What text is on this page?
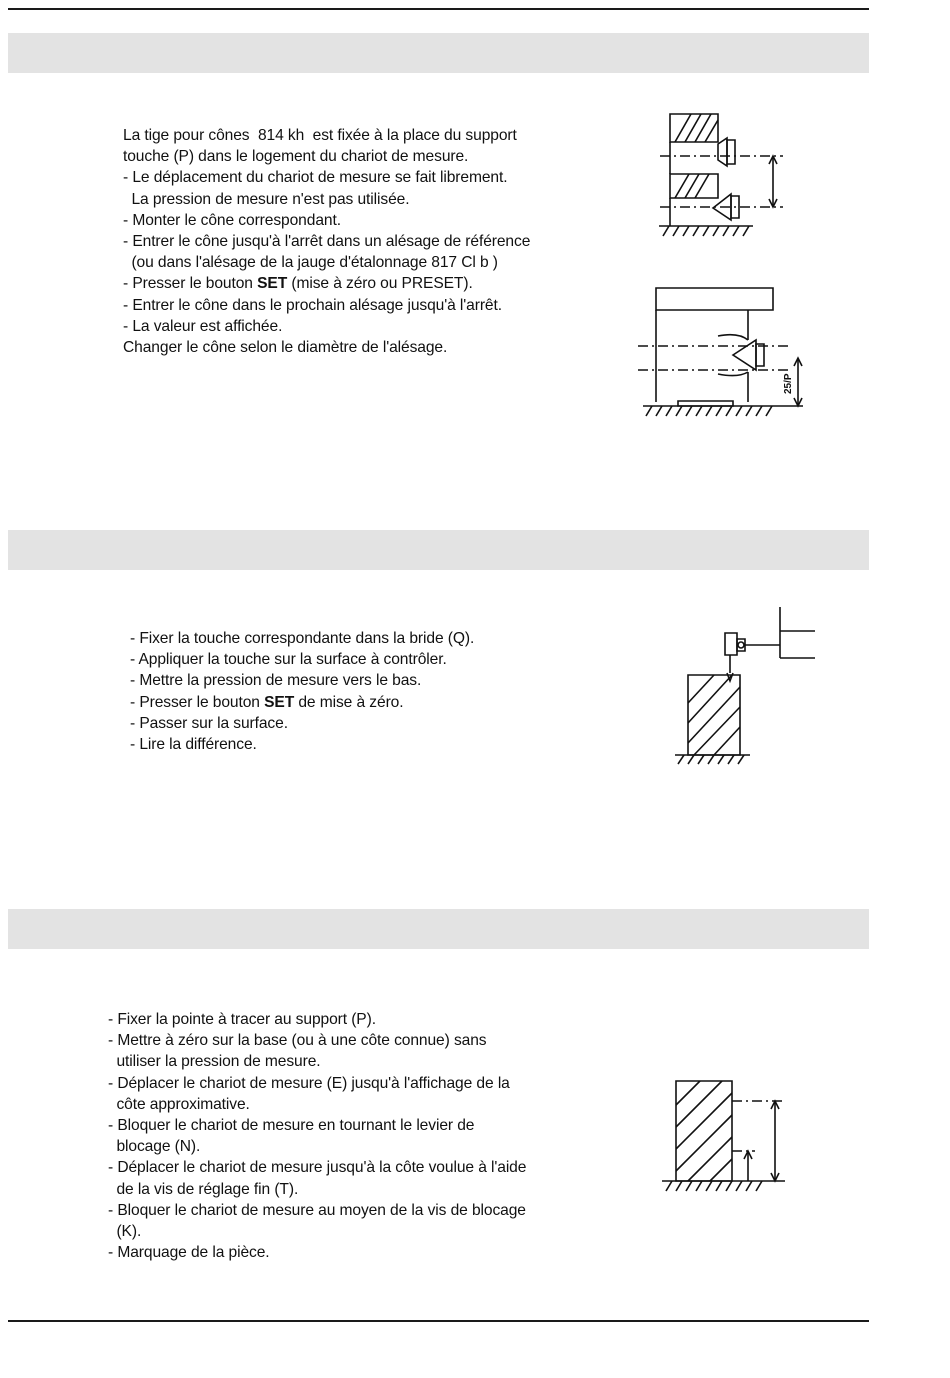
La tige pour cônes  814 kh  est fixée à la place du support
touche (P) dans le logement du chariot de mesure.
- Le déplacement du chariot de mesure se fait librement.
La pression de mesure n'est pas utilisée.
- Monter le cône correspondant.
- Entrer le cône jusqu'à l'arrêt dans un alésage de référence
(ou dans l'alésage de la jauge d'étalonnage 817 Cl b )
- Presser le bouton SET (mise à zéro ou PRESET).
- Entrer le cône dans le prochain alésage jusqu'à l'arrêt.
- La valeur est affichée.
Changer le cône selon le diamètre de l'alésage.
- Fixer la touche correspondante dans la bride (Q).
- Appliquer la touche sur la surface à contrôler.
- Mettre la pression de mesure vers le bas.
- Presser le bouton SET de mise à zéro.
- Passer sur la surface.
- Lire la différence.
- Fixer la pointe à tracer au support (P).
- Mettre à zéro sur la base (ou à une côte connue) sans
utiliser la pression de mesure.
- Déplacer le chariot de mesure (E) jusqu'à l'affichage de la
côte approximative.
- Bloquer le chariot de mesure en tournant le levier de
blocage (N).
- Déplacer le chariot de mesure jusqu'à la côte voulue à l'aide
de la vis de réglage fin (T).
- Bloquer le chariot de mesure au moyen de la vis de blocage
(K).
- Marquage de la pièce.
25/P
